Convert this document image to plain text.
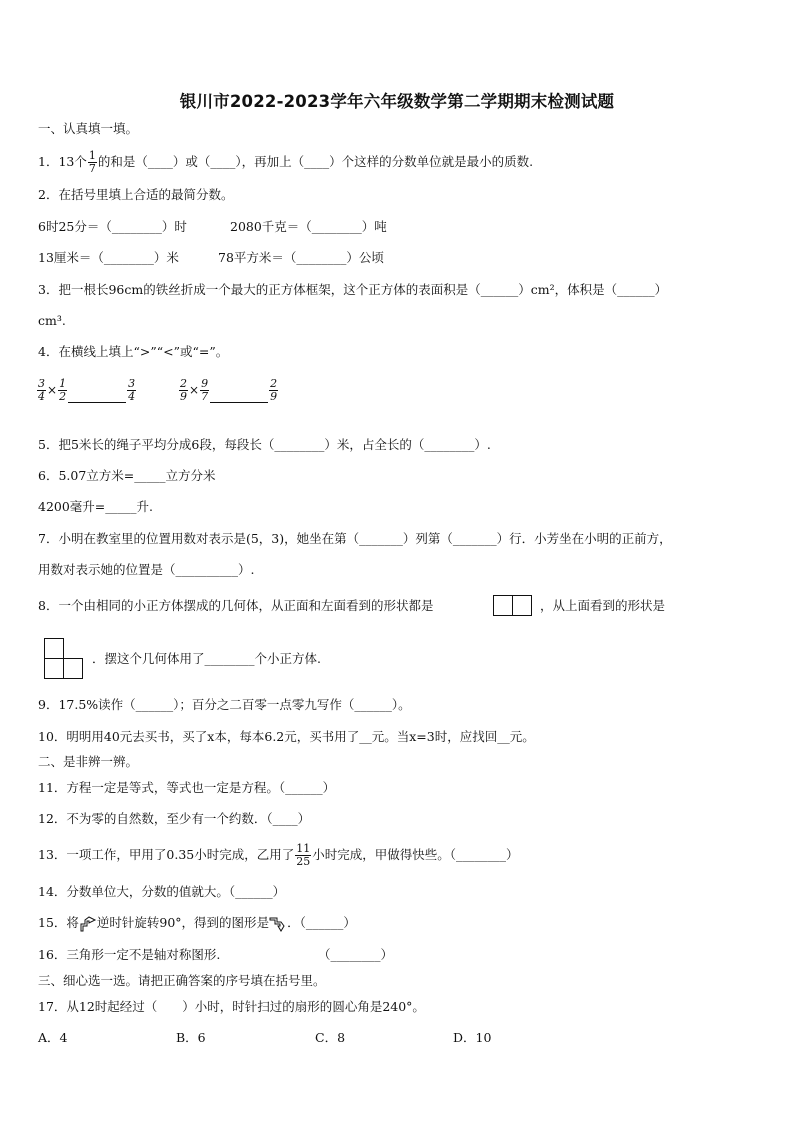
银川市2022-2023学年六年级数学第二学期期末检测试题
一、认真填一填。
1．13个 $\frac{1}{7}$ 的和是（____）或（____），再加上（____）个这样的分数单位就是最小的质数.
2．在括号里填上合适的最简分数。
6时25分＝（________）时	2080千克＝（________）吨
13厘米＝（________）米	78平方米＝（________）公顷
3．把一根长96cm的铁丝折成一个最大的正方体框架，这个正方体的表面积是（______）cm²，体积是（______）
cm³.
4．在横线上填上“>”“<”或“=”。
$\frac{3}{4} \times \frac{1}{2}$	$\frac{3}{4}$	$\frac{2}{9} \times \frac{9}{7}$	$\frac{2}{9}$
5．把5米长的绳子平均分成6段，每段长（________）米，占全长的（________）.
6．5.07立方米=_____立方分米
4200毫升=_____升.
7．小明在教室里的位置用数对表示是(5，3)，她坐在第（_______）列第（_______）行．小芳坐在小明的正前方，
用数对表示她的位置是（__________）.
8．一个由相同的小正方体摆成的几何体，从正面和左面看到的形状都是	，从上面看到的形状是
．摆这个几何体用了________个小正方体.
9．17.5%读作（______）；百分之二百零一点零九写作（______）。
10．明明用40元去买书，买了x本，每本6.2元，买书用了__元。当x=3时，应找回__元。
二、是非辨一辨。
11．方程一定是等式，等式也一定是方程。（______）
12．不为零的自然数，至少有一个约数．（____）
13．一项工作，甲用了0.35小时完成，乙用了 $\frac{11}{25}$ 小时完成，甲做得快些。（________）
14．分数单位大，分数的值就大。（______）
15．将 逆时针旋转90°，得到的图形是 ．（______）
16．三角形一定不是轴对称图形.	（________）
三、细心选一选。请把正确答案的序号填在括号里。
17．从12时起经过（　　）小时，时针扫过的扇形的圆心角是240°。
A．4	B．6	C．8	D．10
